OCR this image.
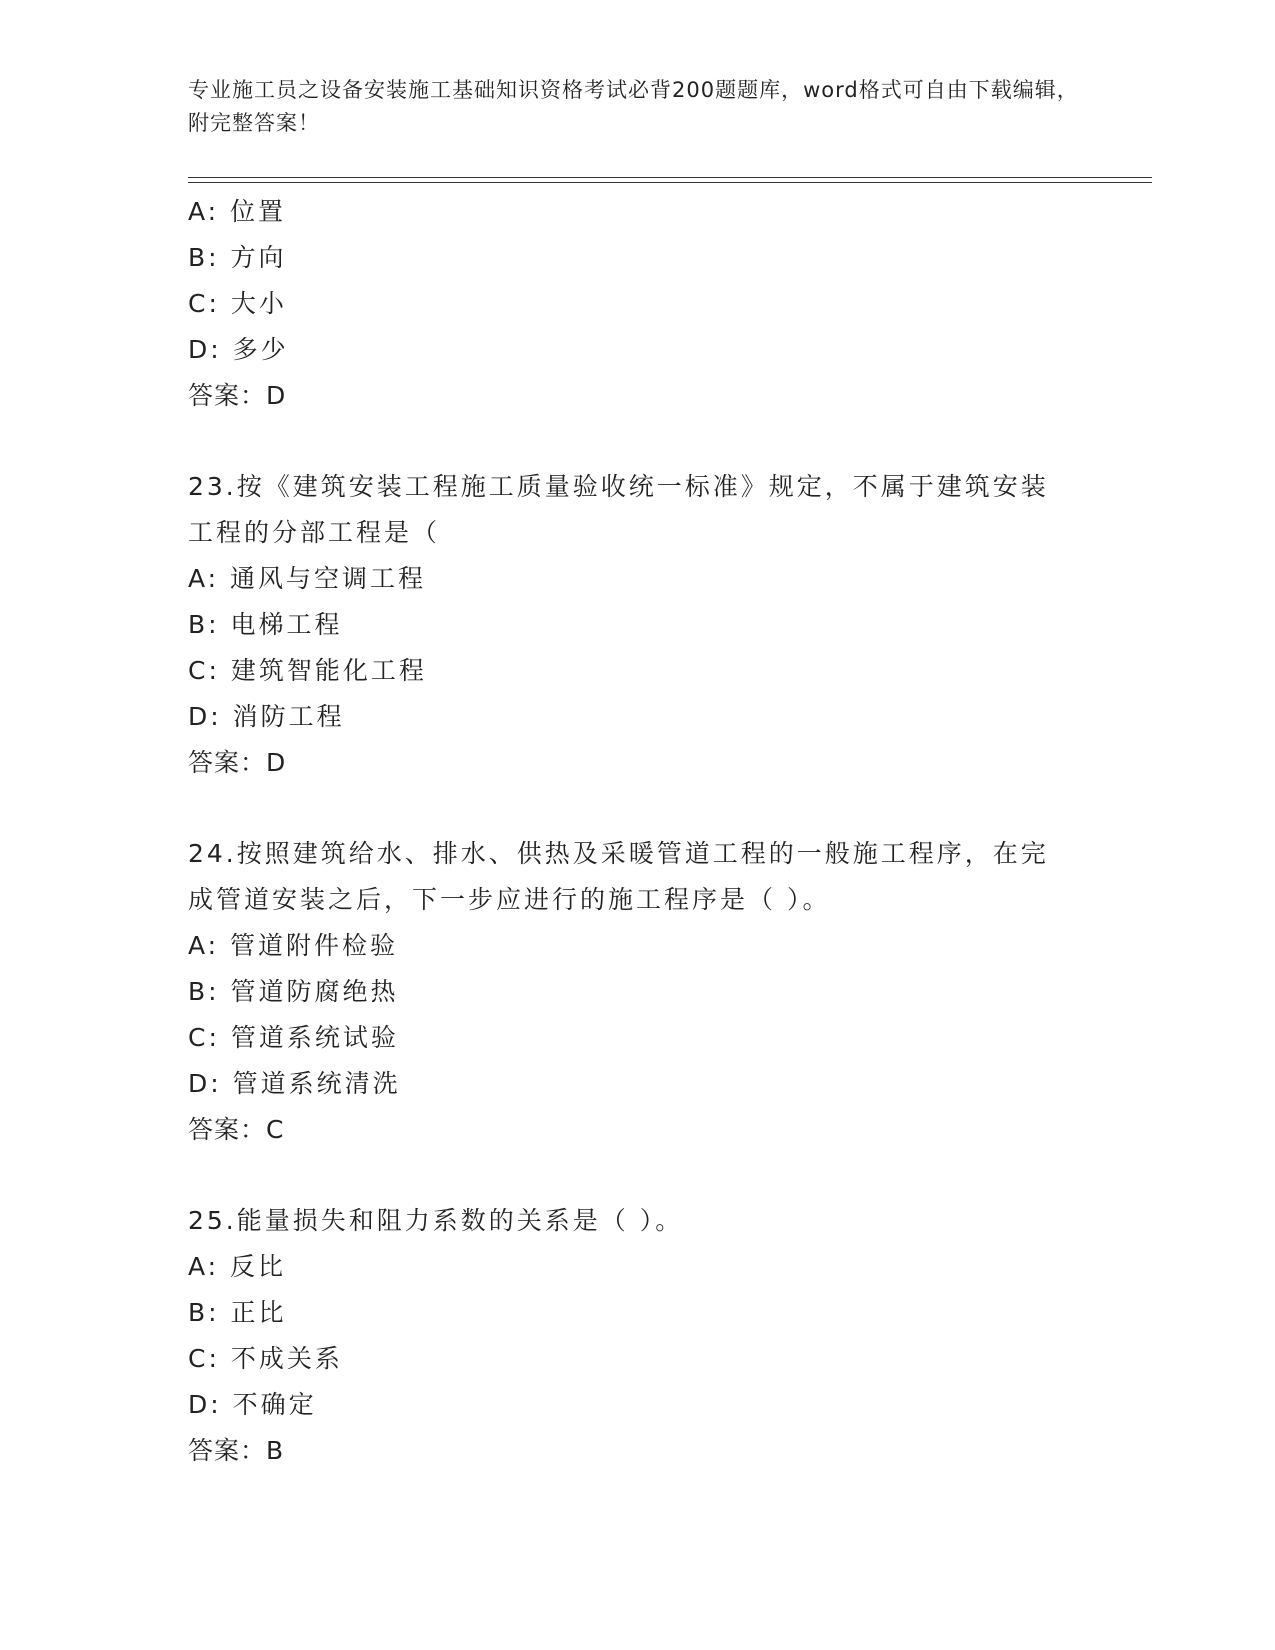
专业施工员之设备安装施工基础知识资格考试必背200题题库，word格式可自由下载编辑，附完整答案！
A: 位置
B: 方向
C: 大小
D: 多少
答案：D
23.按《建筑安装工程施工质量验收统一标准》规定，不属于建筑安装
工程的分部工程是（
A: 通风与空调工程
B: 电梯工程
C: 建筑智能化工程
D: 消防工程
答案：D
24.按照建筑给水、排水、供热及采暖管道工程的一般施工程序，在完
成管道安装之后，下一步应进行的施工程序是（ ）。
A: 管道附件检验
B: 管道防腐绝热
C: 管道系统试验
D: 管道系统清洗
答案：C
25.能量损失和阻力系数的关系是（ ）。
A: 反比
B: 正比
C: 不成关系
D: 不确定
答案：B
